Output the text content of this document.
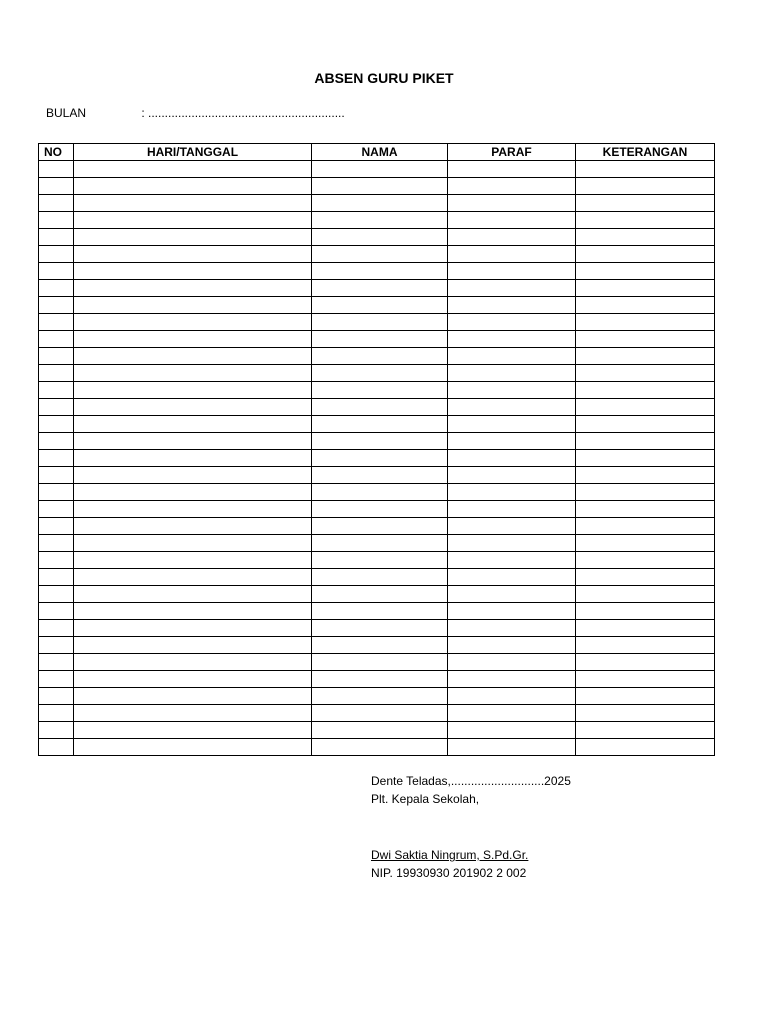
ABSEN GURU PIKET
BULAN	: ...........................................................
NO	HARI/TANGGAL	NAMA	PARAF	KETERANGAN

Dente Teladas,............................2025
Plt. Kepala Sekolah,
Dwi Saktia Ningrum, S.Pd.Gr.
NIP. 19930930 201902 2 002
